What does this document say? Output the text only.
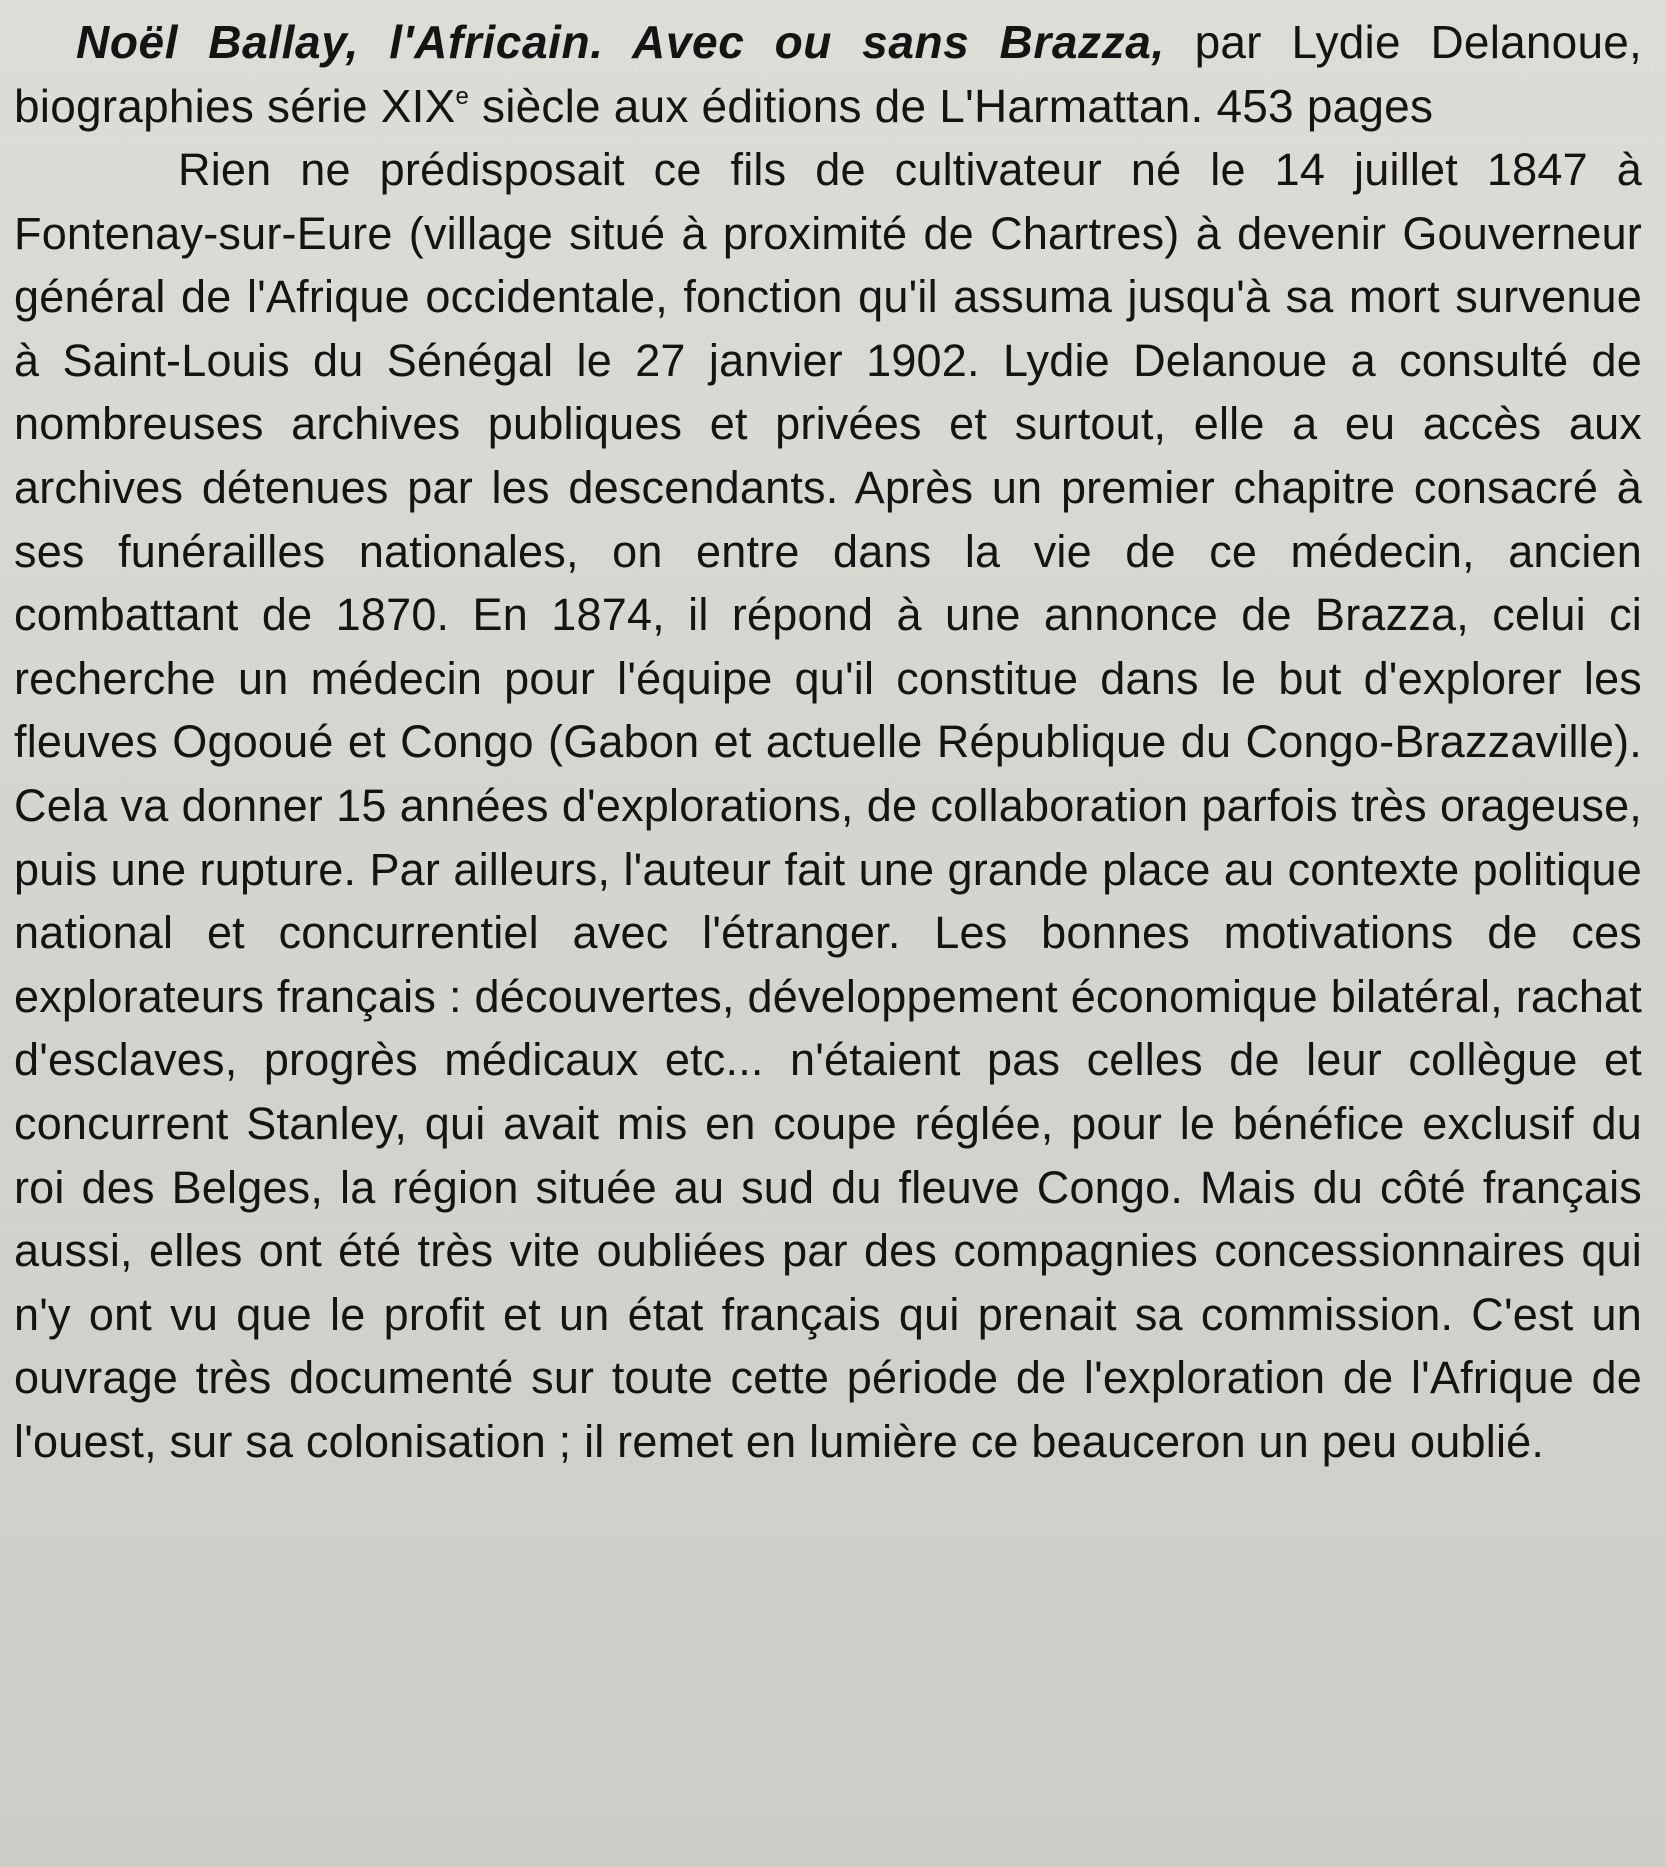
Noël Ballay, l'Africain. Avec ou sans Brazza, par Lydie Delanoue, biographies série XIXe siècle aux éditions de L'Harmattan. 453 pages

Rien ne prédisposait ce fils de cultivateur né le 14 juillet 1847 à Fontenay-sur-Eure (village situé à proximité de Chartres) à devenir Gouverneur général de l'Afrique occidentale, fonction qu'il assuma jusqu'à sa mort survenue à Saint-Louis du Sénégal le 27 janvier 1902. Lydie Delanoue a consulté de nombreuses archives publiques et privées et surtout, elle a eu accès aux archives détenues par les descendants. Après un premier chapitre consacré à ses funérailles nationales, on entre dans la vie de ce médecin, ancien combattant de 1870. En 1874, il répond à une annonce de Brazza, celui ci recherche un médecin pour l'équipe qu'il constitue dans le but d'explorer les fleuves Ogooué et Congo (Gabon et actuelle République du Congo-Brazzaville). Cela va donner 15 années d'explorations, de collaboration parfois très orageuse, puis une rupture. Par ailleurs, l'auteur fait une grande place au contexte politique national et concurrentiel avec l'étranger. Les bonnes motivations de ces explorateurs français : découvertes, développement économique bilatéral, rachat d'esclaves, progrès médicaux etc... n'étaient pas celles de leur collègue et concurrent Stanley, qui avait mis en coupe réglée, pour le bénéfice exclusif du roi des Belges, la région située au sud du fleuve Congo. Mais du côté français aussi, elles ont été très vite oubliées par des compagnies concessionnaires qui n'y ont vu que le profit et un état français qui prenait sa commission. C'est un ouvrage très documenté sur toute cette période de l'exploration de l'Afrique de l'ouest, sur sa colonisation ; il remet en lumière ce beauceron un peu oublié.
